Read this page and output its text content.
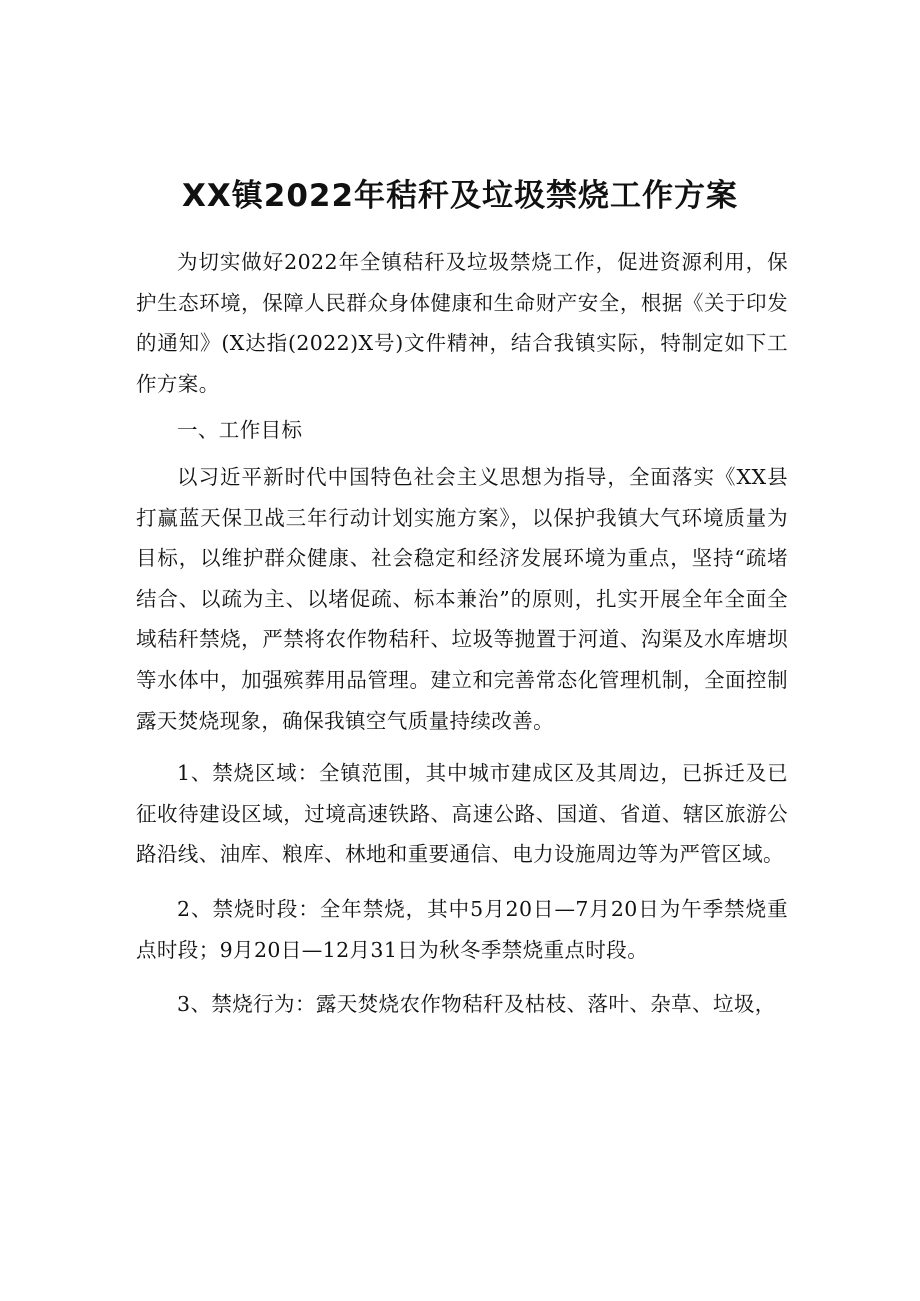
XX镇2022年秸秆及垃圾禁烧工作方案

为切实做好2022年全镇秸秆及垃圾禁烧工作，促进资源利用，保护生态环境，保障人民群众身体健康和生命财产安全，根据《关于印发的通知》(X达指(2022)X号)文件精神，结合我镇实际，特制定如下工作方案。

一、工作目标

以习近平新时代中国特色社会主义思想为指导，全面落实《XX县打赢蓝天保卫战三年行动计划实施方案》，以保护我镇大气环境质量为目标，以维护群众健康、社会稳定和经济发展环境为重点，坚持“疏堵结合、以疏为主、以堵促疏、标本兼治”的原则，扎实开展全年全面全域秸秆禁烧，严禁将农作物秸秆、垃圾等抛置于河道、沟渠及水库塘坝等水体中，加强殡葬用品管理。建立和完善常态化管理机制，全面控制露天焚烧现象，确保我镇空气质量持续改善。

1、禁烧区域：全镇范围，其中城市建成区及其周边，已拆迁及已征收待建设区域，过境高速铁路、高速公路、国道、省道、辖区旅游公路沿线、油库、粮库、林地和重要通信、电力设施周边等为严管区域。

2、禁烧时段：全年禁烧，其中5月20日—7月20日为午季禁烧重点时段；9月20日—12月31日为秋冬季禁烧重点时段。

3、禁烧行为：露天焚烧农作物秸秆及枯枝、落叶、杂草、垃圾，
